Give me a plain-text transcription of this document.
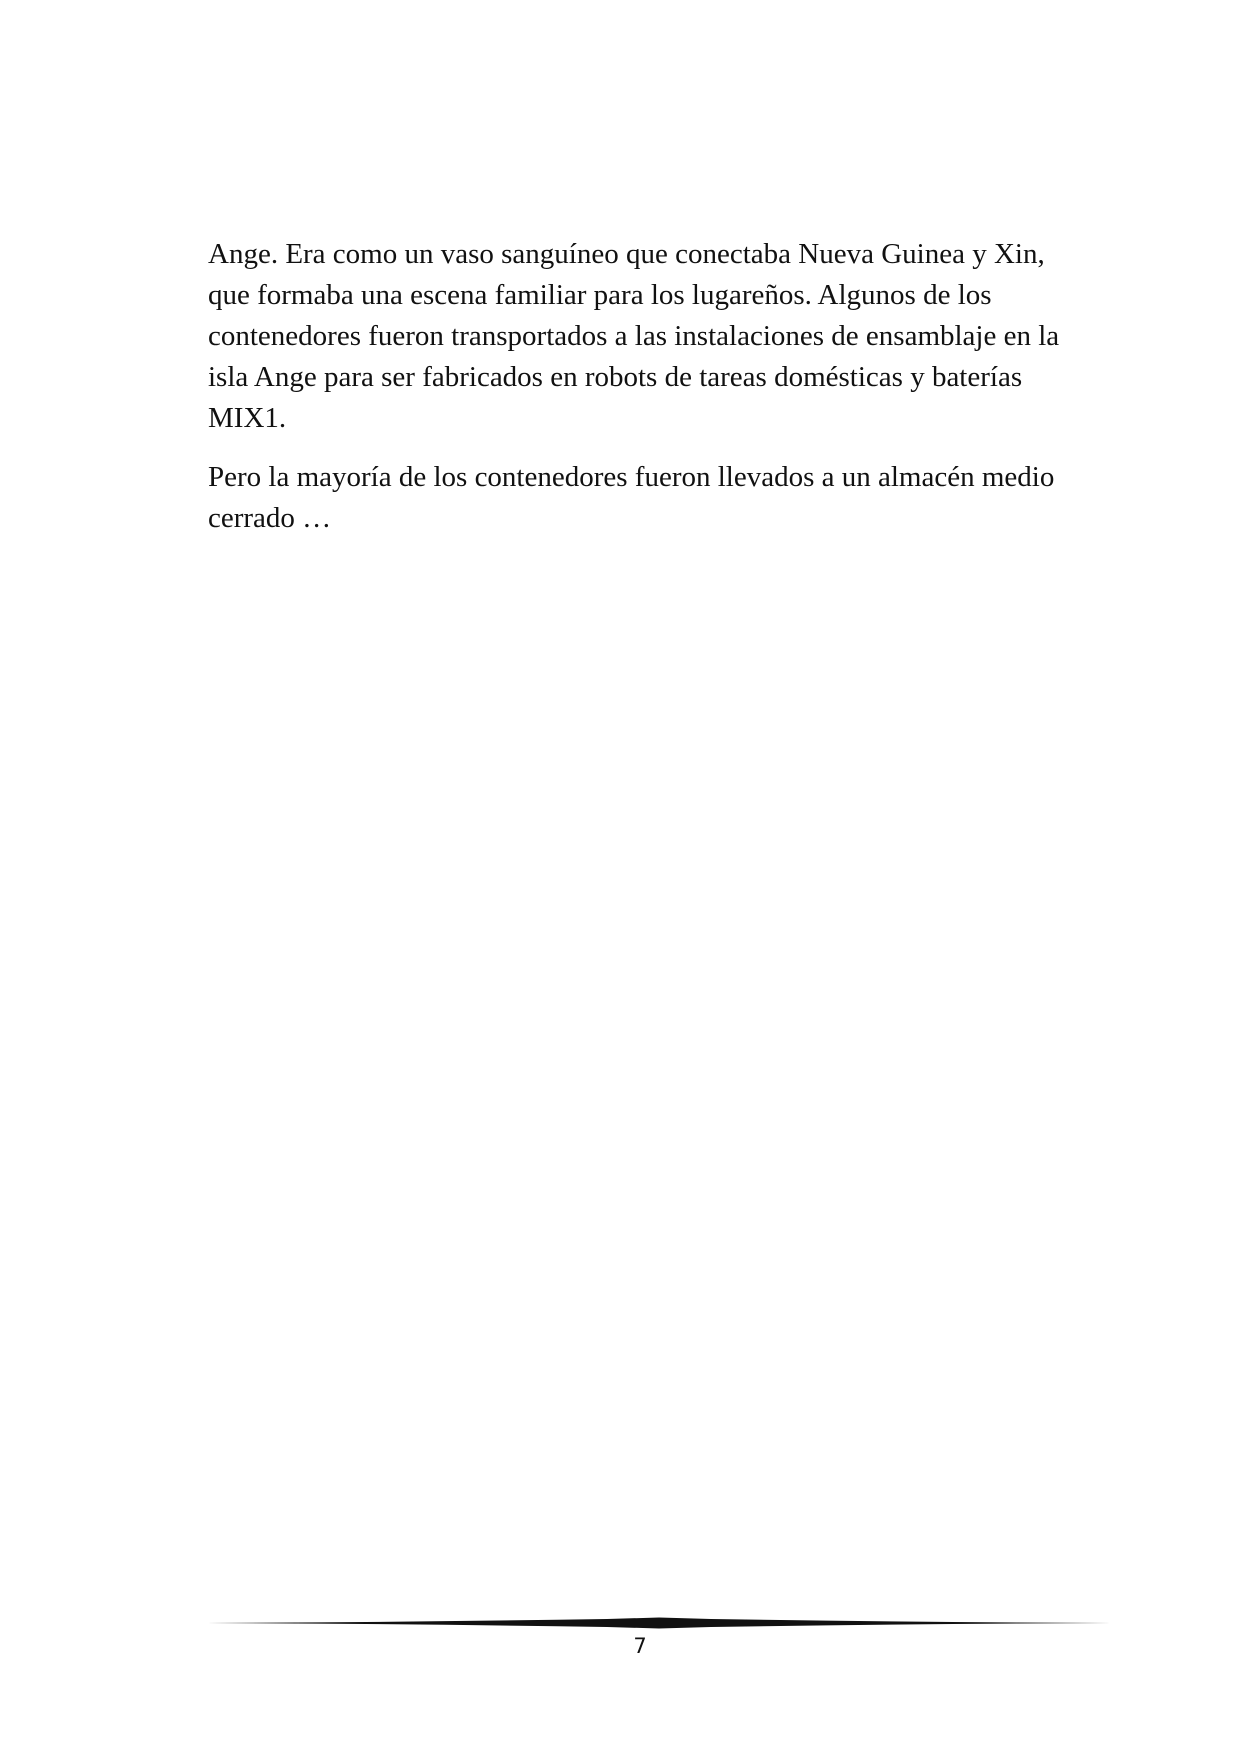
Ange. Era como un vaso sanguíneo que conectaba Nueva Guinea y Xin, que formaba una escena familiar para los lugareños. Algunos de los contenedores fueron transportados a las instalaciones de ensamblaje en la isla Ange para ser fabricados en robots de tareas domésticas y baterías MIX1.

Pero la mayoría de los contenedores fueron llevados a un almacén medio cerrado …

7
